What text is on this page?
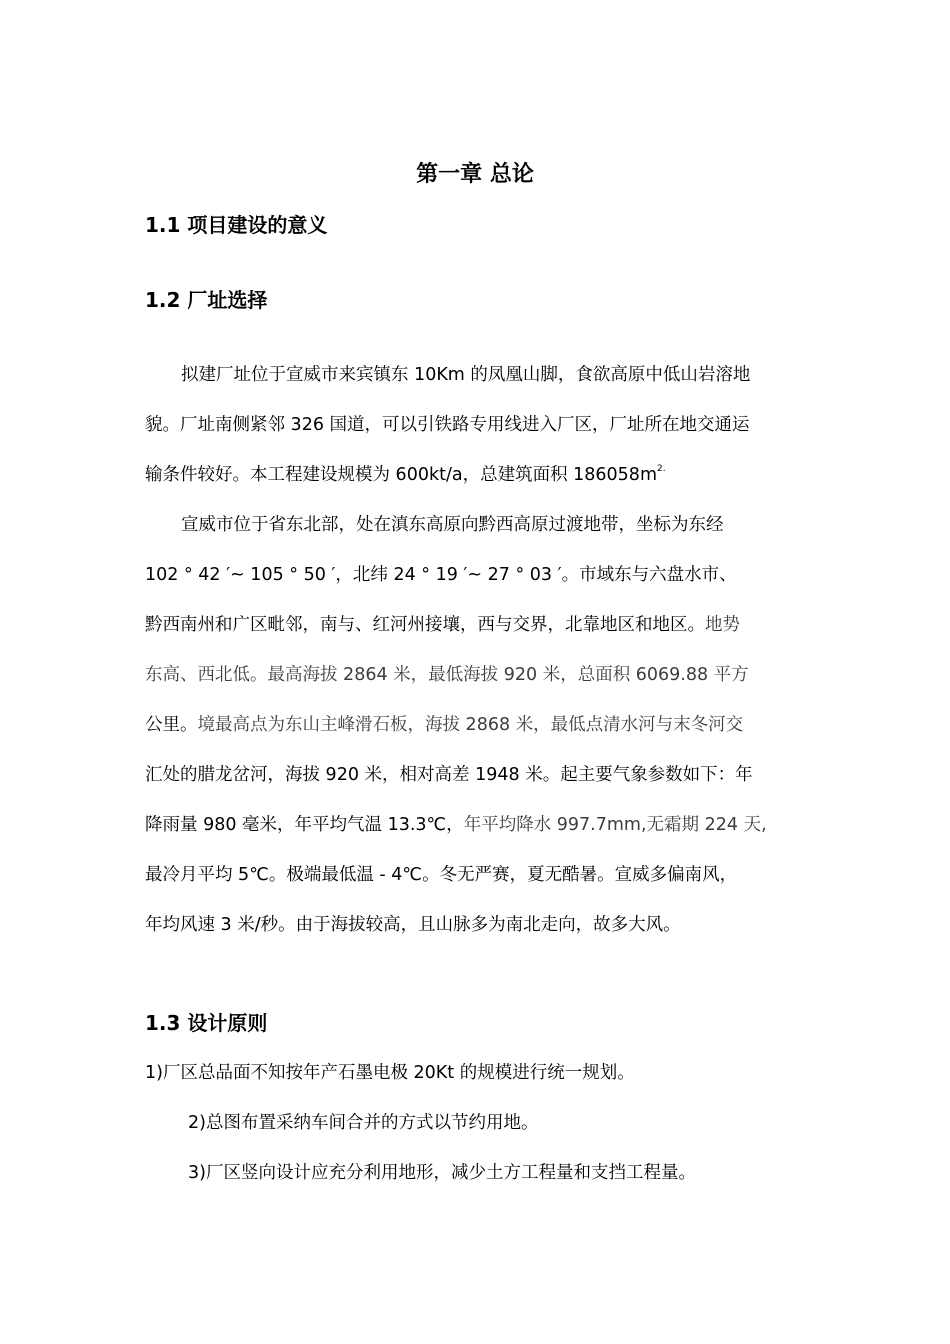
第一章 总论
1.1 项目建设的意义
1.2 厂址选择
拟建厂址位于宣威市来宾镇东 10Km 的凤凰山脚，食欲高原中低山岩溶地
貌。厂址南侧紧邻 326 国道，可以引铁路专用线进入厂区，厂址所在地交通运
输条件较好。本工程建设规模为 600kt/a，总建筑面积 $186058m^{2.}$
宣威市位于省东北部，处在滇东高原向黔西高原过渡地带，坐标为东经
102 ° 42 ′~ 105 ° 50 ′，北纬 24 ° 19 ′~ 27 ° 03 ′。市域东与六盘水市、
黔西南州和广区毗邻，南与、红河州接壤，西与交界，北靠地区和地区。地势
东高、西北低。最高海拔 2864 米，最低海拔 920 米，总面积 6069.88 平方
公里。境最高点为东山主峰滑石板，海拔 2868 米，最低点清水河与末冬河交
汇处的腊龙岔河，海拔 920 米，相对高差 1948 米。起主要气象参数如下：年
降雨量 980 毫米，年平均气温 13.3℃，年平均降水 997.7mm,无霜期 224 天,
最冷月平均 5℃。极端最低温 - 4℃。冬无严赛，夏无酷暑。宣威多偏南风，
年均风速 3 米/秒。由于海拔较高，且山脉多为南北走向，故多大风。
1.3 设计原则
1)厂区总品面不知按年产石墨电极 20Kt 的规模进行统一规划。
2)总图布置采纳车间合并的方式以节约用地。
3)厂区竖向设计应充分利用地形，减少土方工程量和支挡工程量。
